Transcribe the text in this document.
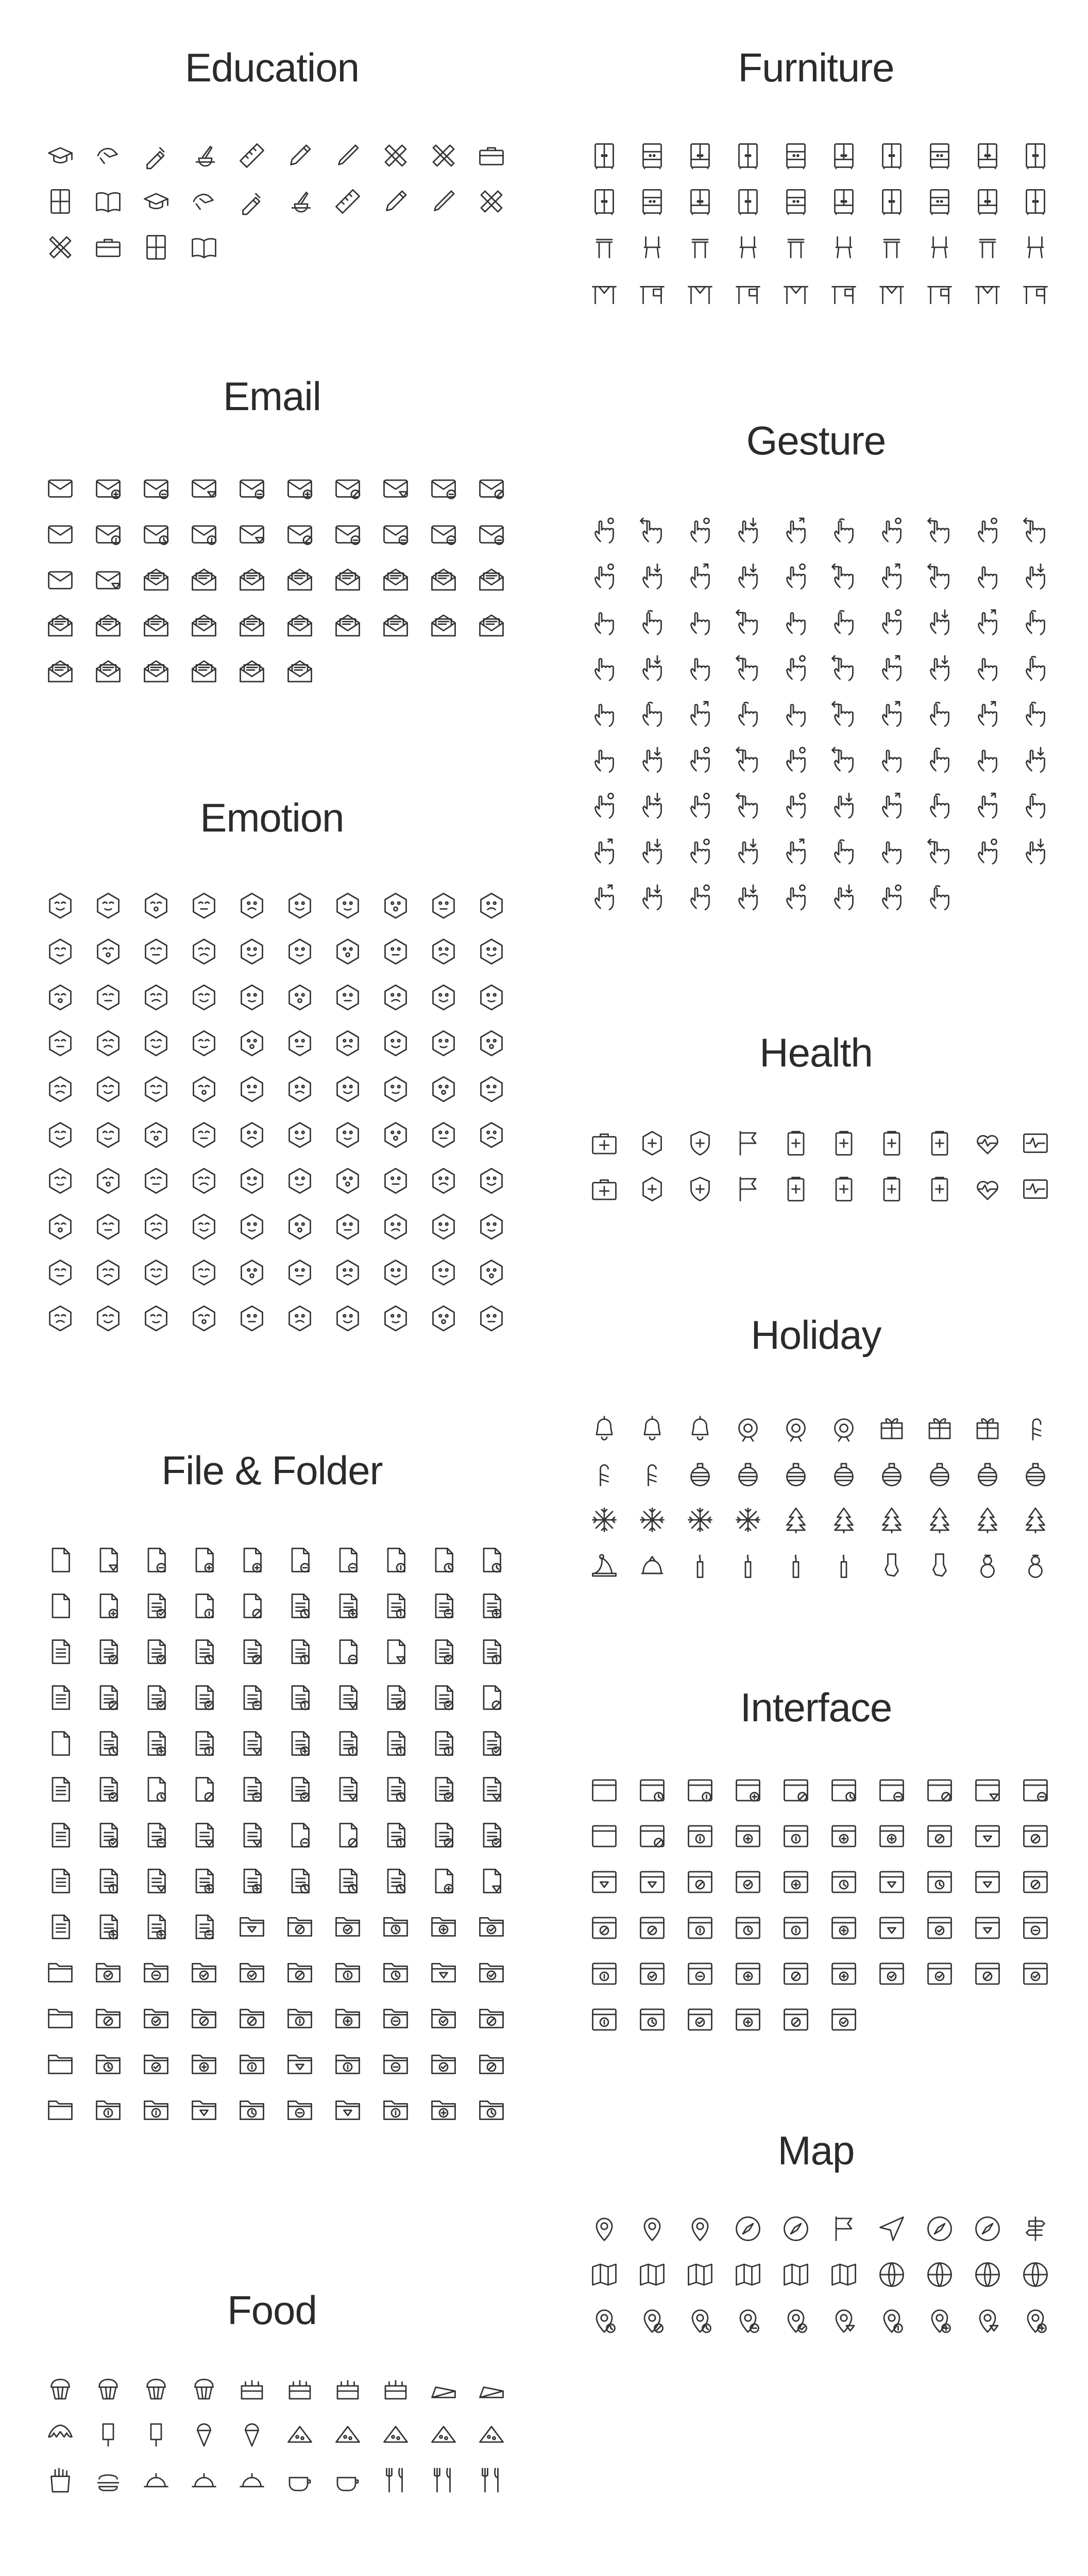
Education
Email
Emotion
File & Folder
Food
Furniture
Gesture
Health
Holiday
Interface
Map
